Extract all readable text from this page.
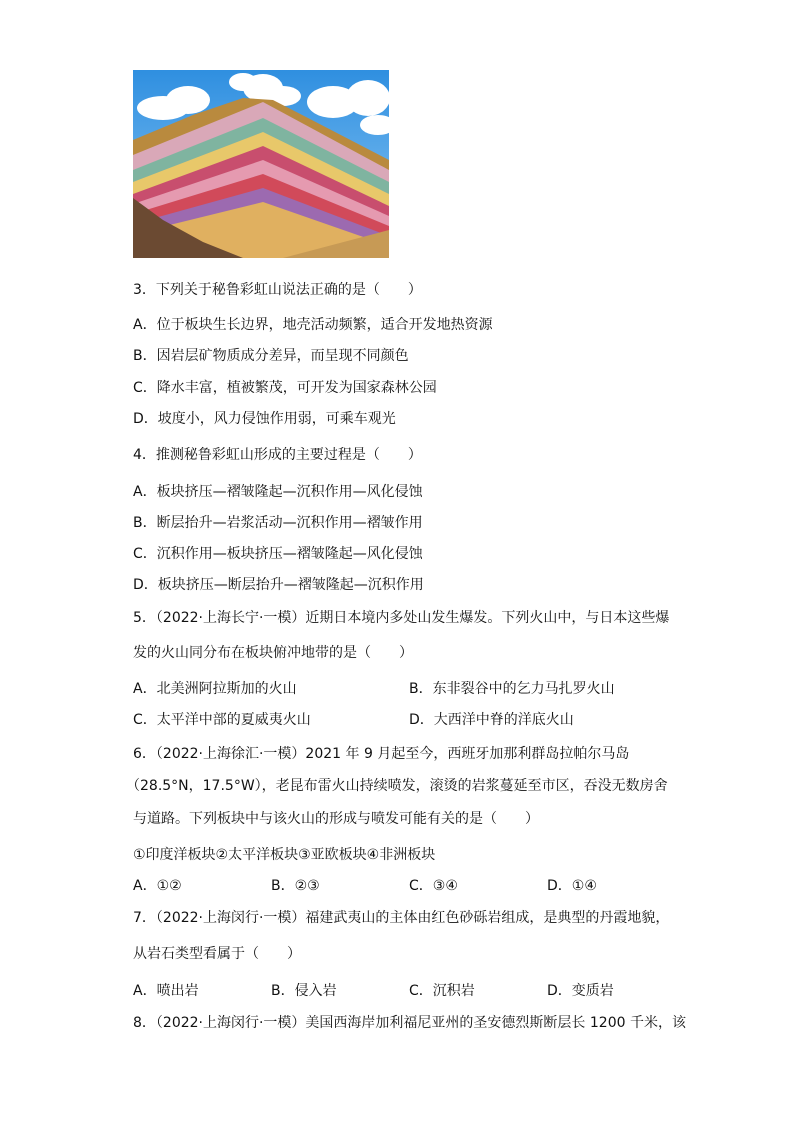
3．下列关于秘鲁彩虹山说法正确的是（　　）
A．位于板块生长边界，地壳活动频繁，适合开发地热资源
B．因岩层矿物质成分差异，而呈现不同颜色
C．降水丰富，植被繁茂，可开发为国家森林公园
D．坡度小，风力侵蚀作用弱，可乘车观光
4．推测秘鲁彩虹山形成的主要过程是（　　）
A．板块挤压—褶皱隆起—沉积作用—风化侵蚀
B．断层抬升—岩浆活动—沉积作用—褶皱作用
C．沉积作用—板块挤压—褶皱隆起—风化侵蚀
D．板块挤压—断层抬升—褶皱隆起—沉积作用
5．（2022·上海长宁·一模）近期日本境内多处山发生爆发。下列火山中，与日本这些爆
发的火山同分布在板块俯冲地带的是（　　）
A．北美洲阿拉斯加的火山	B．东非裂谷中的乞力马扎罗火山
C．太平洋中部的夏威夷火山	D．大西洋中脊的洋底火山
6．（2022·上海徐汇·一模）2021 年 9 月起至今，西班牙加那利群岛拉帕尔马岛
（28.5°N，17.5°W），老昆布雷火山持续喷发，滚烫的岩浆蔓延至市区，吞没无数房舍
与道路。下列板块中与该火山的形成与喷发可能有关的是（　　）
①印度洋板块②太平洋板块③亚欧板块④非洲板块
A．①②	B．②③	C．③④	D．①④
7．（2022·上海闵行·一模）福建武夷山的主体由红色砂砾岩组成，是典型的丹霞地貌，
从岩石类型看属于（　　）
A．喷出岩	B．侵入岩	C．沉积岩	D．变质岩
8．（2022·上海闵行·一模）美国西海岸加利福尼亚州的圣安德烈斯断层长 1200 千米，该
